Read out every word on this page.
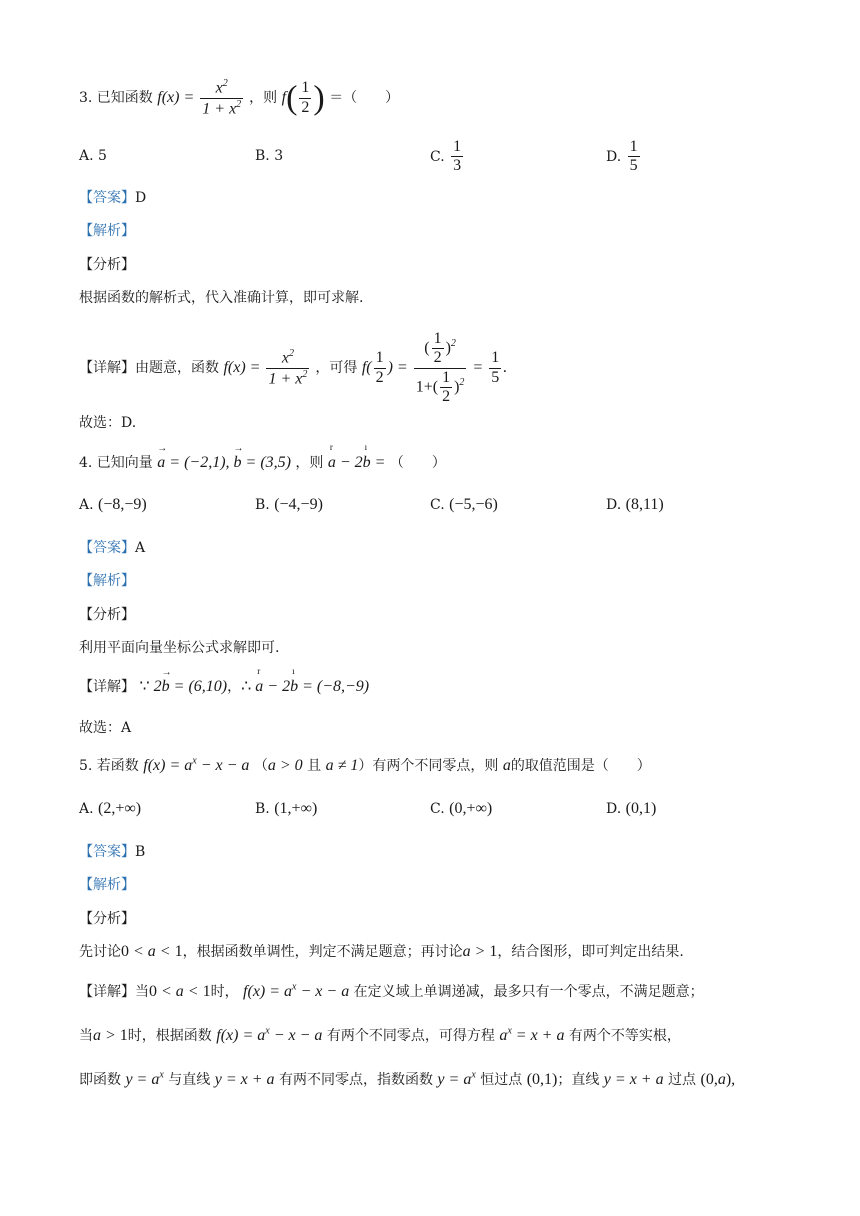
3. 已知函数 $f(x) = \frac{x^2}{1 + x^2}$ ，则 $f( \frac{1}{2}$ ) ＝（　　）
A. 5	B. 3	C. $\frac{1}{3}$	D. $\frac{1}{5}$
【答案】D
【解析】
【分析】
根据函数的解析式，代入准确计算，即可求解.
【详解】由题意，函数 $f(x) = \frac{x^2}{1 + x^2}$ ，可得 $f( \frac{1}{2}$ ) = $\frac{( \frac{1}{2} )^2}{1+( \frac{1}{2} )^2} = \frac{1}{5}$ .
故选：D.
4. 已知向量 a → = (−2,1), b → = (3,5) ，则 a
r
− 2b
ı
= （　　）
A. (−8,−9)	B. (−4,−9)	C. (−5,−6)	D. (8,11)
【答案】A
【解析】
【分析】
利用平面向量坐标公式求解即可.
【详解】 ∵ 2b → = (6,10)，∴ a
r
− 2b
ı
= (−8,−9)
故选：A
5. 若函数 $f(x) = a^x - x - a$ （a > 0 且 a ≠ 1）有两个不同零点，则 a的取值范围是（　　）
A. (2,+∞)	B. (1,+∞)	C. (0,+∞)	D. (0,1)
【答案】B
【解析】
【分析】
先讨论0 < a < 1，根据函数单调性，判定不满足题意；再讨论a > 1，结合图形，即可判定出结果.
【详解】当0 < a < 1时， $f(x) = a^x - x - a$ 在定义域上单调递减，最多只有一个零点，不满足题意；
当a > 1时，根据函数 $f(x) = a^x - x - a$ 有两个不同零点，可得方程 $a^x = x + a$ 有两个不等实根，
即函数 $y = a^x$ 与直线 y = x + a 有两不同零点，指数函数 $y = a^x$ 恒过点 (0,1)；直线 y = x + a 过点 (0,a),
